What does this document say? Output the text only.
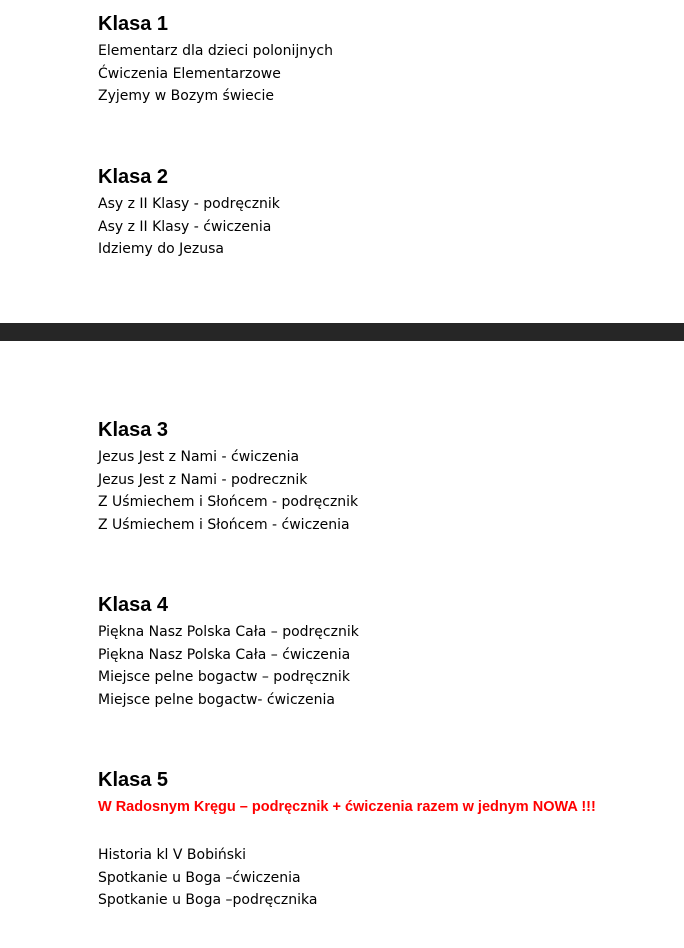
Klasa 1
Elementarz dla dzieci polonijnych
Ćwiczenia Elementarzowe
Zyjemy w Bozym świecie
Klasa 2
Asy z II Klasy - podręcznik
Asy z II Klasy - ćwiczenia
Idziemy do Jezusa
Klasa 3
Jezus Jest z Nami - ćwiczenia
Jezus Jest z Nami - podrecznik
Z Uśmiechem i Słońcem - podręcznik
Z Uśmiechem i Słońcem - ćwiczenia
Klasa 4
Piękna Nasz Polska Cała – podręcznik
Piękna Nasz Polska Cała – ćwiczenia
Miejsce pelne bogactw – podręcznik
Miejsce pelne bogactw- ćwiczenia
Klasa 5
W Radosnym Kręgu – podręcznik + ćwiczenia razem w jednym NOWA !!!
Historia kl V Bobiński
Spotkanie u Boga –ćwiczenia
Spotkanie u Boga –podręcznika
